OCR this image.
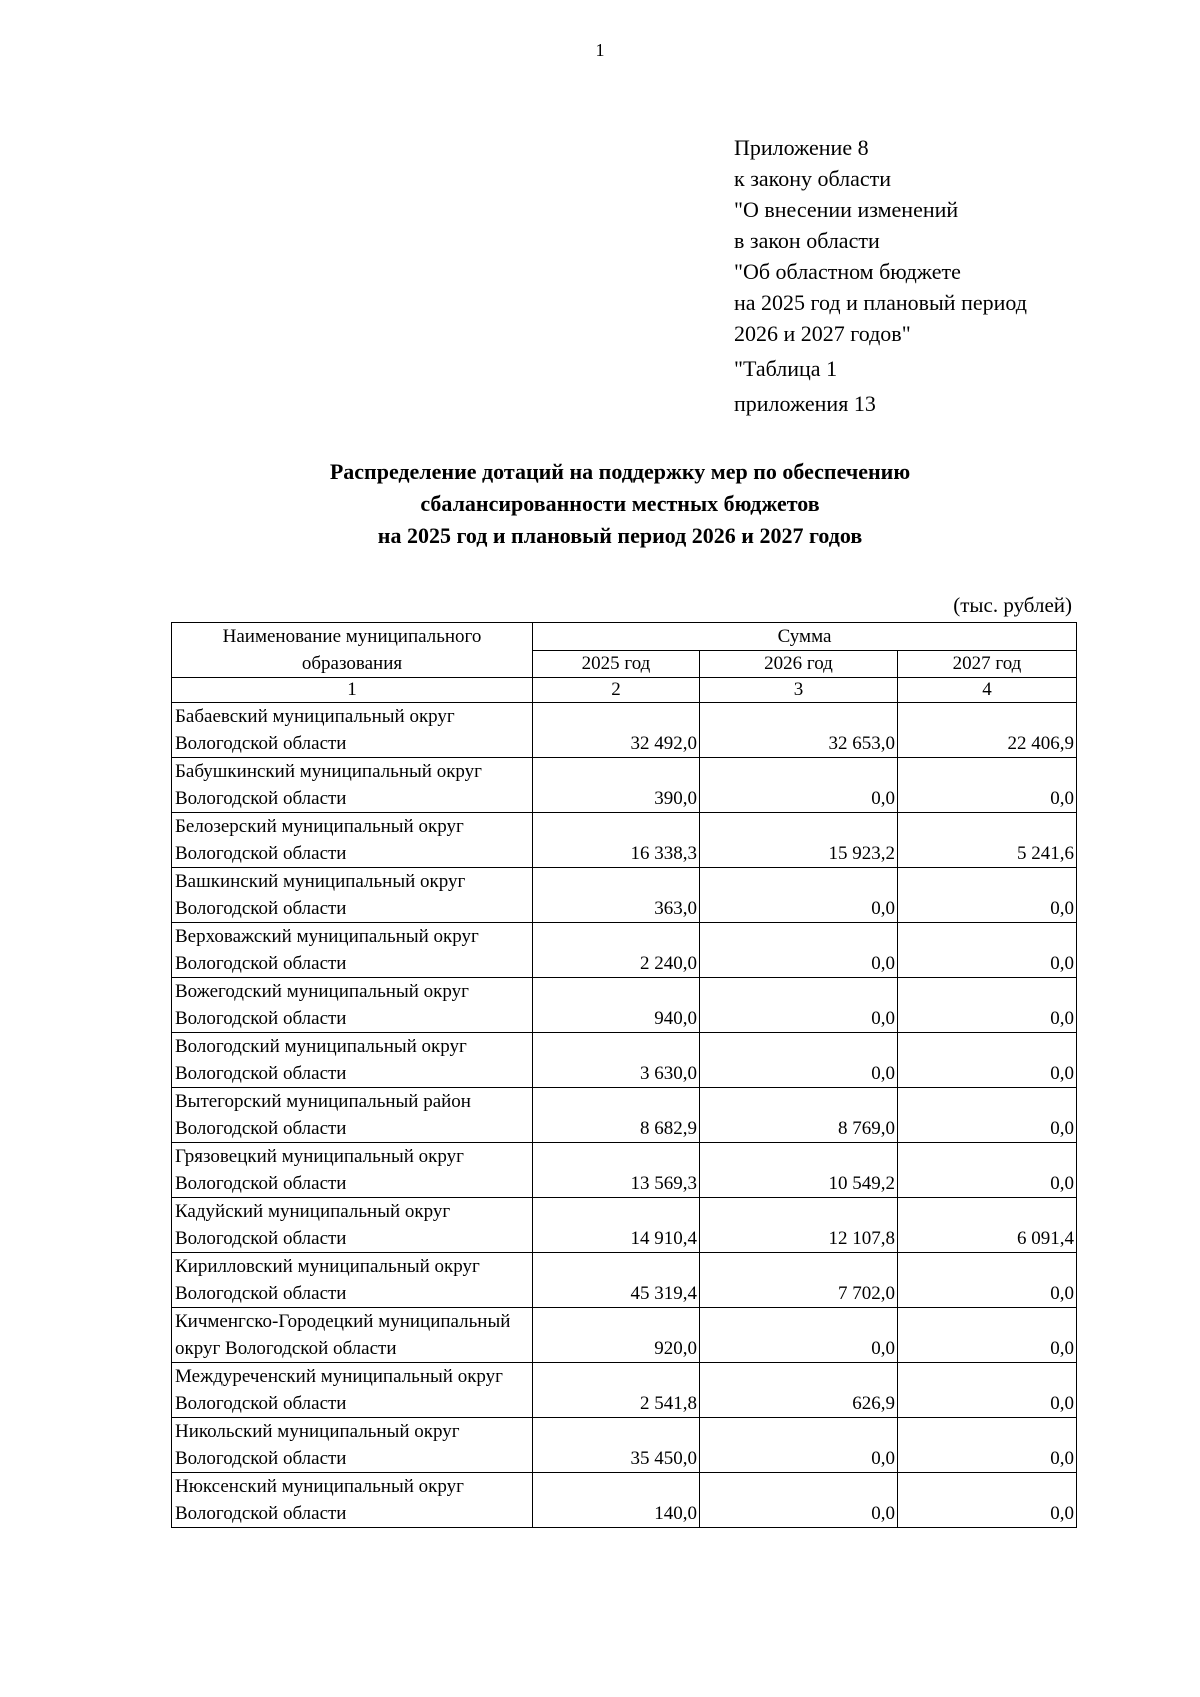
1
Приложение 8
к закону области
"О внесении изменений
в закон области
"Об областном бюджете
на 2025 год и плановый период
2026 и 2027 годов"
"Таблица 1
приложения 13
Распределение дотаций на поддержку мер по обеспечению
сбалансированности местных бюджетов
на 2025 год и плановый период 2026 и 2027 годов
(тыс. рублей)
Наименование муниципального образования	Сумма		
	2025 год	2026 год	2027 год
1	2	3	4
Бабаевский муниципальный округ Вологодской области	32 492,0	32 653,0	22 406,9
Бабушкинский муниципальный округ Вологодской области	390,0	0,0	0,0
Белозерский муниципальный округ Вологодской области	16 338,3	15 923,2	5 241,6
Вашкинский муниципальный округ Вологодской области	363,0	0,0	0,0
Верховажский муниципальный округ Вологодской области	2 240,0	0,0	0,0
Вожегодский муниципальный округ Вологодской области	940,0	0,0	0,0
Вологодский муниципальный округ Вологодской области	3 630,0	0,0	0,0
Вытегорский муниципальный район Вологодской области	8 682,9	8 769,0	0,0
Грязовецкий муниципальный округ Вологодской области	13 569,3	10 549,2	0,0
Кадуйский муниципальный округ Вологодской области	14 910,4	12 107,8	6 091,4
Кирилловский муниципальный округ Вологодской области	45 319,4	7 702,0	0,0
Кичменгско-Городецкий муниципальный округ Вологодской области	920,0	0,0	0,0
Междуреченский муниципальный округ Вологодской области	2 541,8	626,9	0,0
Никольский муниципальный округ Вологодской области	35 450,0	0,0	0,0
Нюксенский муниципальный округ Вологодской области	140,0	0,0	0,0
